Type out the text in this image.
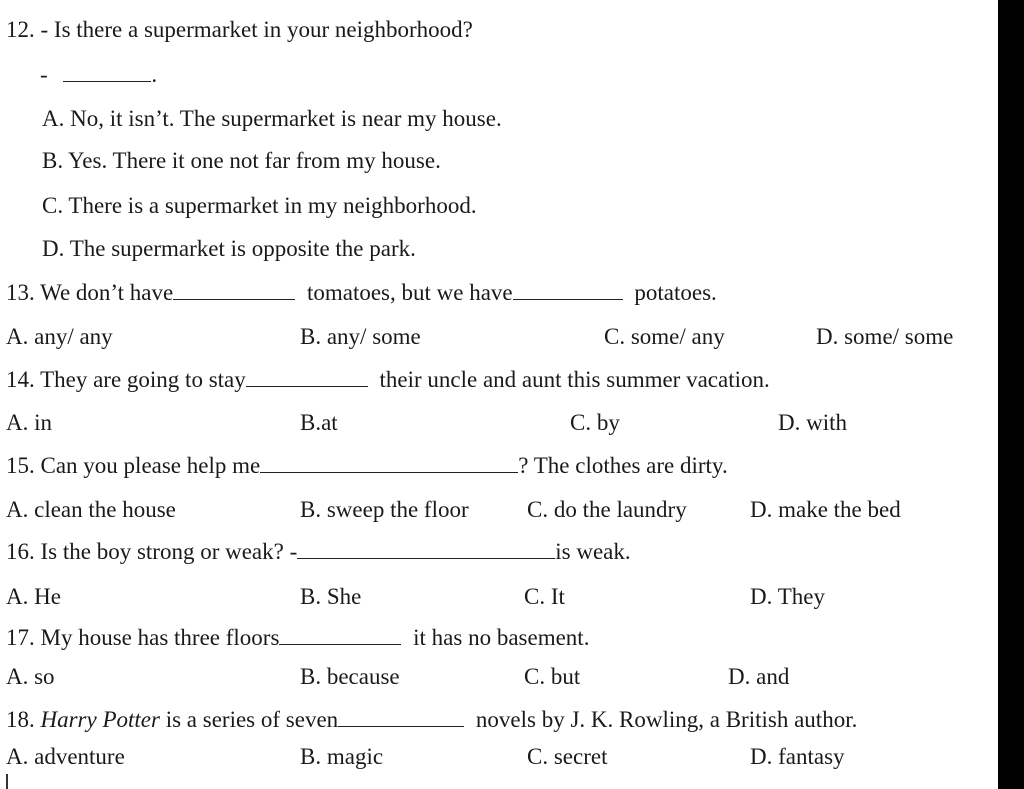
12. - Is there a supermarket in your neighborhood?
-	.
A. No, it isn’t. The supermarket is near my house.
B. Yes. There it one not far from my house.
C. There is a supermarket in my neighborhood.
D. The supermarket is opposite the park.
13. We don’t have	tomatoes, but we have	potatoes.
A. any/ any	B. any/ some	C. some/ any	D. some/ some
14. They are going to stay	their uncle and aunt this summer vacation.
A. in	B.at	C. by	D. with
15. Can you please help me	? The clothes are dirty.
A. clean the house	B. sweep the floor	C. do the laundry	D. make the bed
16. Is the boy strong or weak? -	is weak.
A. He	B. She	C. It	D. They
17. My house has three floors	it has no basement.
A. so	B. because	C. but	D. and
18. Harry Potter is a series of seven	novels by J. K. Rowling, a British author.
A. adventure	B. magic	C. secret	D. fantasy
